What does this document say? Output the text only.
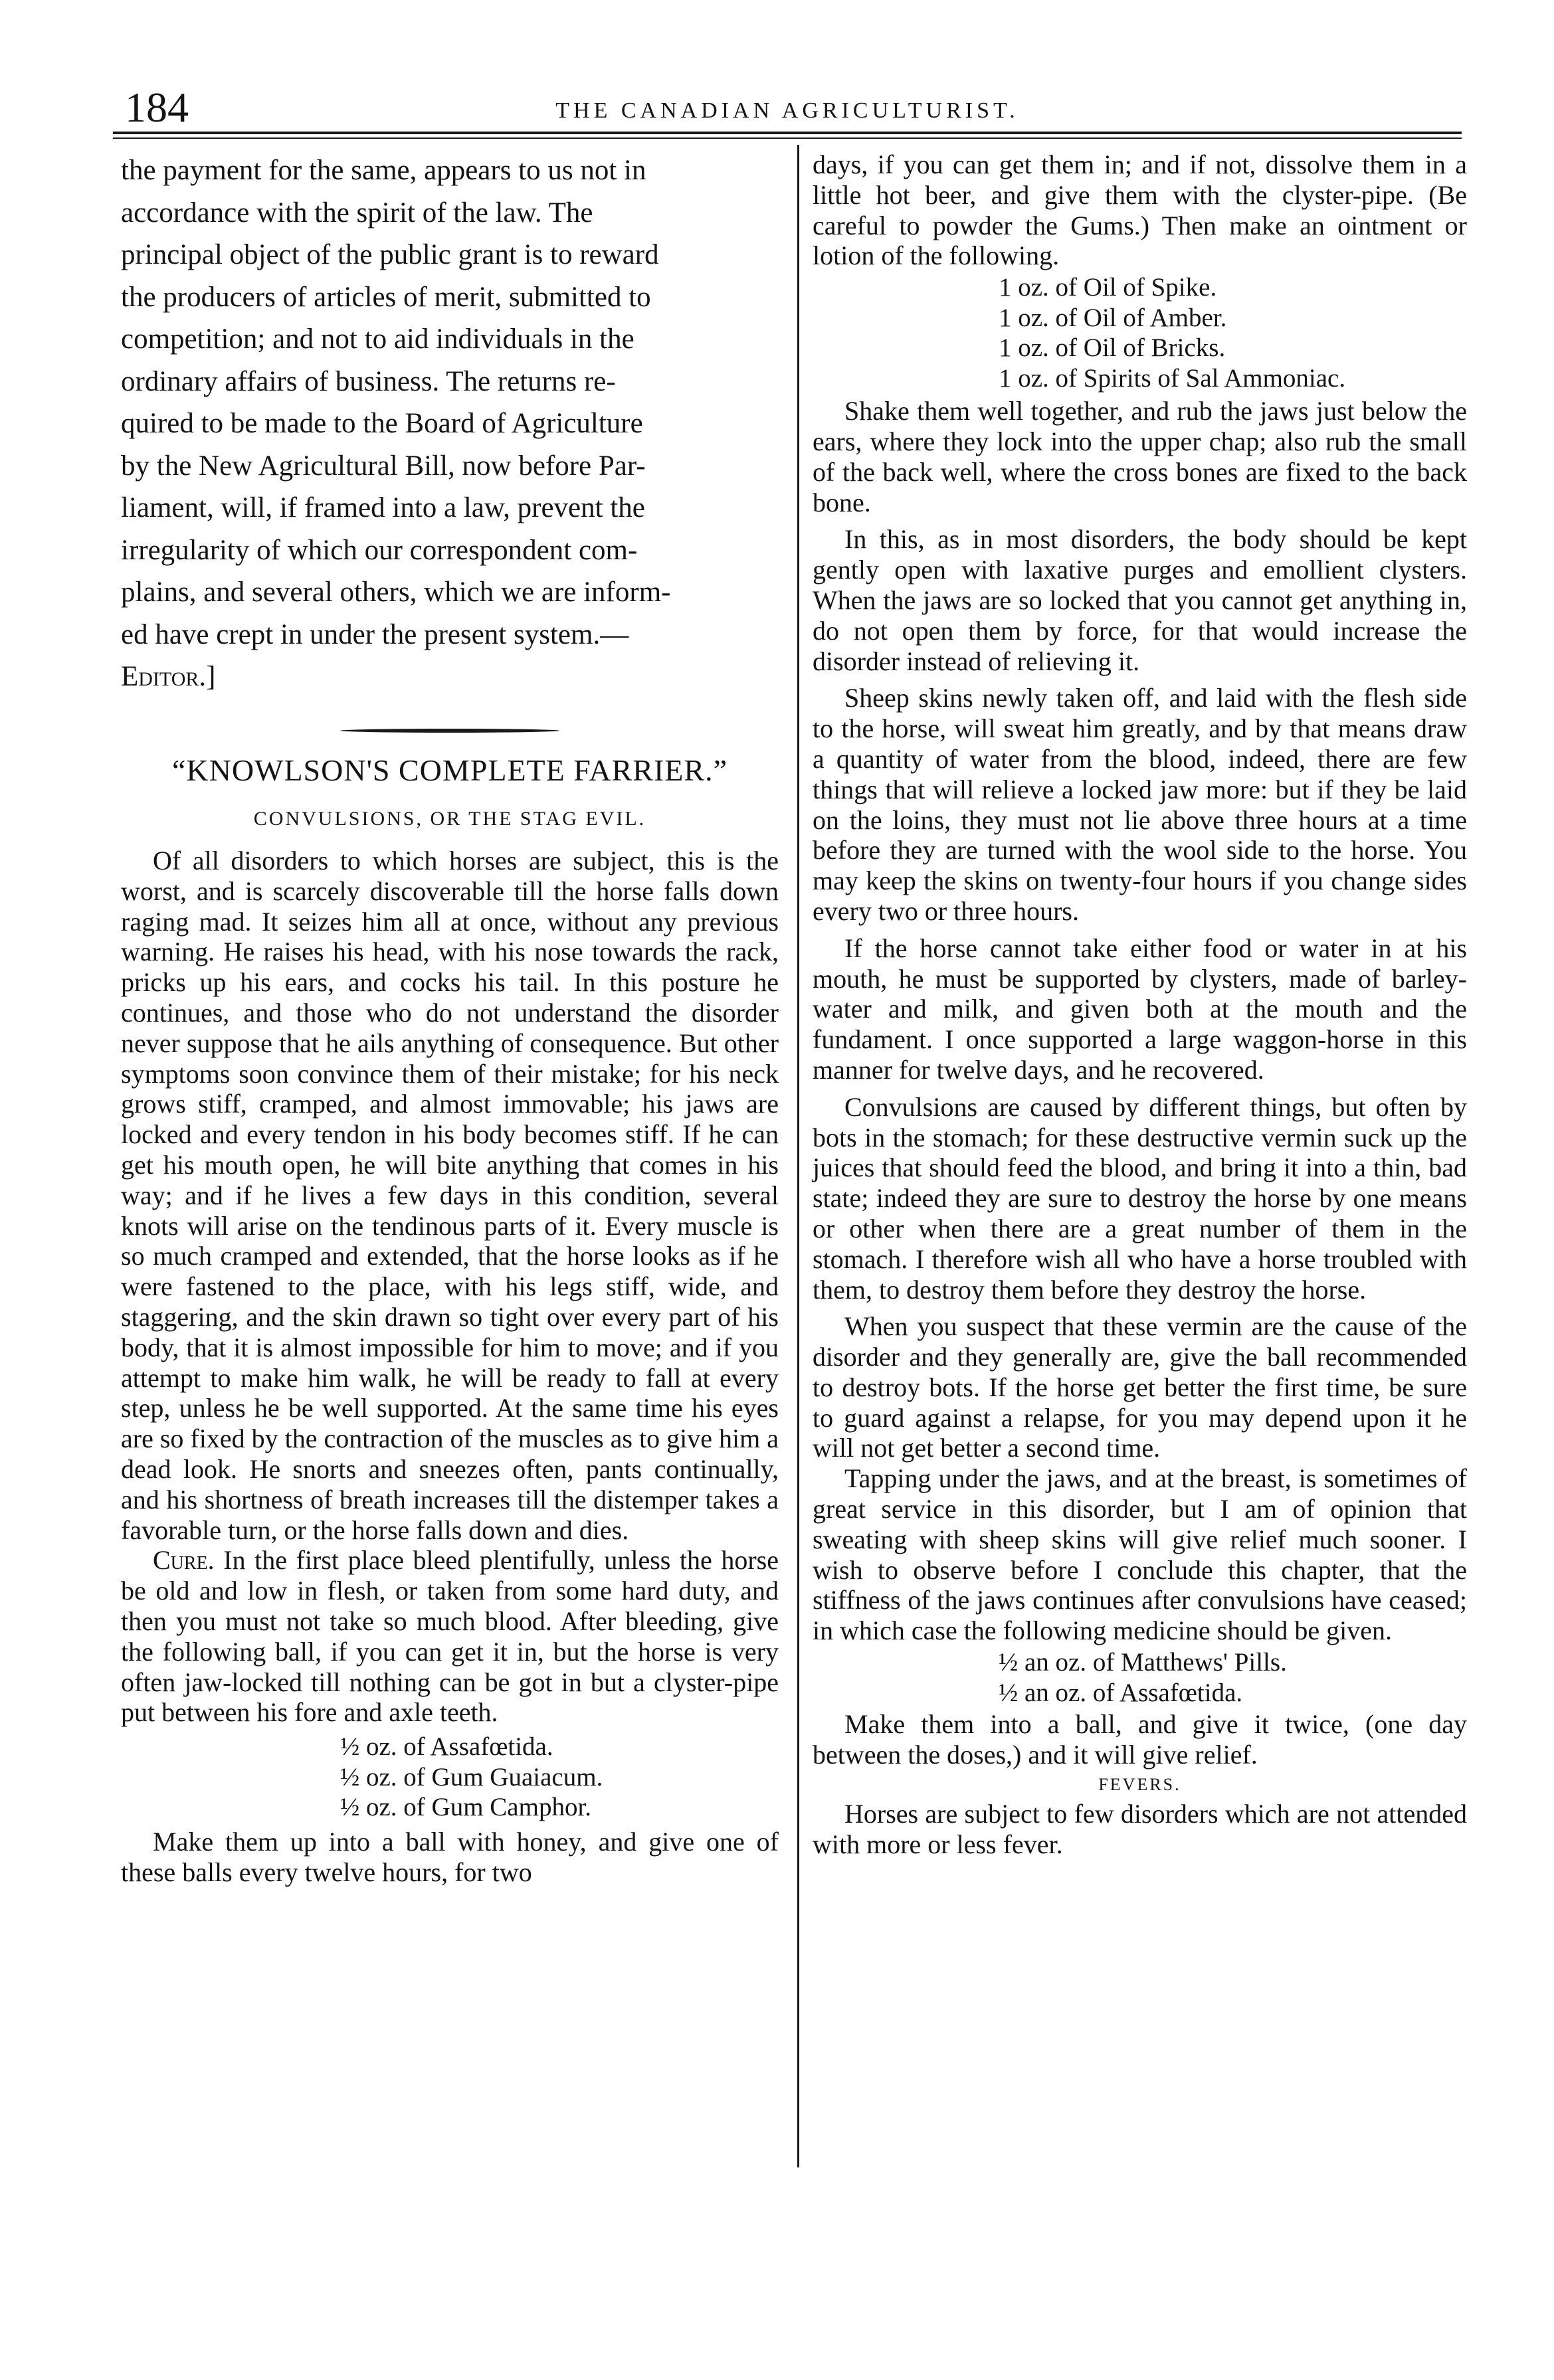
184	THE CANADIAN AGRICULTURIST.

the payment for the same, appears to us not in

accordance with the spirit of the law. The

principal object of the public grant is to reward

the producers of articles of merit, submitted to

competition; and not to aid individuals in the

ordinary affairs of business. The returns re-

quired to be made to the Board of Agriculture

by the New Agricultural Bill, now before Par-

liament, will, if framed into a law, prevent the

irregularity of which our correspondent com-

plains, and several others, which we are inform-

ed have crept in under the present system.—

Editor.]

“KNOWLSON'S COMPLETE FARRIER.”
CONVULSIONS, OR THE STAG EVIL.

Of all disorders to which horses are subject, this is the worst, and is scarcely discoverable till the horse falls down raging mad. It seizes him all at once, without any previous warning. He raises his head, with his nose towards the rack, pricks up his ears, and cocks his tail. In this posture he continues, and those who do not understand the disorder never suppose that he ails anything of consequence. But other symptoms soon convince them of their mistake; for his neck grows stiff, cramped, and almost immovable; his jaws are locked and every tendon in his body becomes stiff. If he can get his mouth open, he will bite anything that comes in his way; and if he lives a few days in this condition, several knots will arise on the tendinous parts of it. Every muscle is so much cramped and extended, that the horse looks as if he were fastened to the place, with his legs stiff, wide, and staggering, and the skin drawn so tight over every part of his body, that it is almost impossible for him to move; and if you attempt to make him walk, he will be ready to fall at every step, unless he be well supported. At the same time his eyes are so fixed by the contraction of the muscles as to give him a dead look. He snorts and sneezes often, pants continually, and his shortness of breath increases till the distemper takes a favorable turn, or the horse falls down and dies.

Cure. In the first place bleed plentifully, unless the horse be old and low in flesh, or taken from some hard duty, and then you must not take so much blood. After bleeding, give the following ball, if you can get it in, but the horse is very often jaw-locked till nothing can be got in but a clyster-pipe put between his fore and axle teeth.

½ oz. of Assafœtida.
½ oz. of Gum Guaiacum.
½ oz. of Gum Camphor.

Make them up into a ball with honey, and give one of these balls every twelve hours, for two

days, if you can get them in; and if not, dissolve them in a little hot beer, and give them with the clyster-pipe. (Be careful to powder the Gums.) Then make an ointment or lotion of the following.

1 oz. of Oil of Spike.
1 oz. of Oil of Amber.
1 oz. of Oil of Bricks.
1 oz. of Spirits of Sal Ammoniac.

Shake them well together, and rub the jaws just below the ears, where they lock into the upper chap; also rub the small of the back well, where the cross bones are fixed to the back bone.

In this, as in most disorders, the body should be kept gently open with laxative purges and emollient clysters. When the jaws are so locked that you cannot get anything in, do not open them by force, for that would increase the disorder instead of relieving it.

Sheep skins newly taken off, and laid with the flesh side to the horse, will sweat him greatly, and by that means draw a quantity of water from the blood, indeed, there are few things that will relieve a locked jaw more: but if they be laid on the loins, they must not lie above three hours at a time before they are turned with the wool side to the horse. You may keep the skins on twenty-four hours if you change sides every two or three hours.

If the horse cannot take either food or water in at his mouth, he must be supported by clysters, made of barley-water and milk, and given both at the mouth and the fundament. I once supported a large waggon-horse in this manner for twelve days, and he recovered.

Convulsions are caused by different things, but often by bots in the stomach; for these destructive vermin suck up the juices that should feed the blood, and bring it into a thin, bad state; indeed they are sure to destroy the horse by one means or other when there are a great number of them in the stomach. I therefore wish all who have a horse troubled with them, to destroy them before they destroy the horse.

When you suspect that these vermin are the cause of the disorder and they generally are, give the ball recommended to destroy bots. If the horse get better the first time, be sure to guard against a relapse, for you may depend upon it he will not get better a second time.

Tapping under the jaws, and at the breast, is sometimes of great service in this disorder, but I am of opinion that sweating with sheep skins will give relief much sooner. I wish to observe before I conclude this chapter, that the stiffness of the jaws continues after convulsions have ceased; in which case the following medicine should be given.

½ an oz. of Matthews' Pills.
½ an oz. of Assafœtida.

Make them into a ball, and give it twice, (one day between the doses,) and it will give relief.

FEVERS.

Horses are subject to few disorders which are not attended with more or less fever.
